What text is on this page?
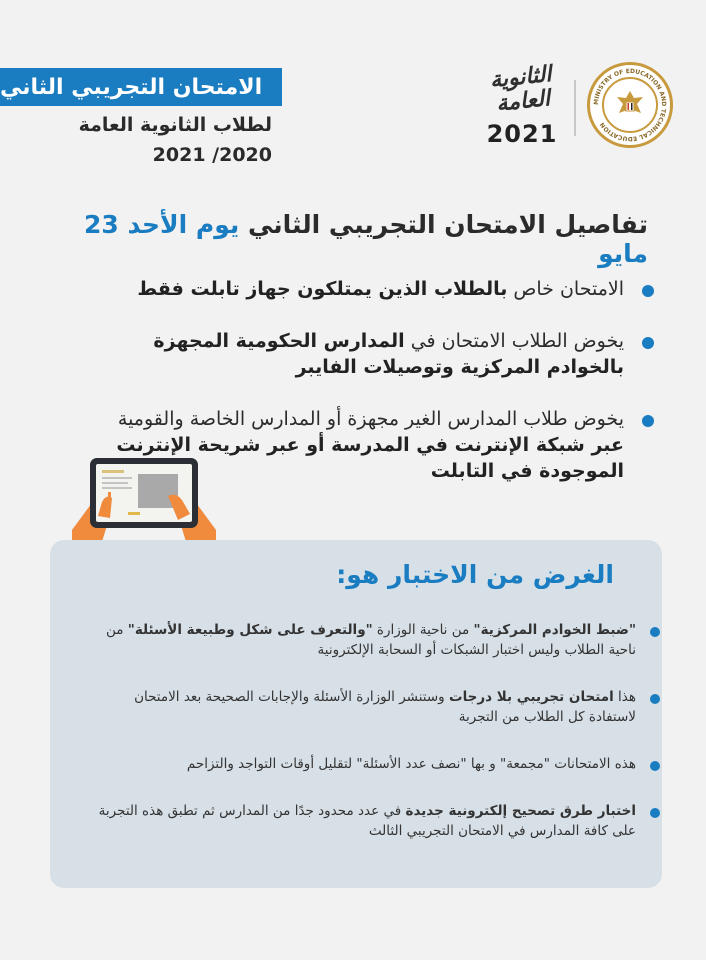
الامتحان التجريبي الثاني
لطلاب الثانوية العامة
2021 /2020
الثانوية العامة
2021
MINISTRY OF EDUCATION AND TECHNICAL EDUCATION
تفاصيل الامتحان التجريبي الثاني يوم الأحد 23 مايو
الامتحان خاص بالطلاب الذين يمتلكون جهاز تابلت فقط
يخوض الطلاب الامتحان في المدارس الحكومية المجهزة بالخوادم المركزية وتوصيلات الفايبر
يخوض طلاب المدارس الغير مجهزة أو المدارس الخاصة والقومية عبر شبكة الإنترنت في المدرسة أو عبر شريحة الإنترنت الموجودة في التابلت
الغرض من الاختبار هو:
"ضبط الخوادم المركزية" من ناحية الوزارة "والتعرف على شكل وطبيعة الأسئلة" من ناحية الطلاب وليس اختبار الشبكات أو السحابة الإلكترونية
هذا امتحان تجريبي بلا درجات وستنشر الوزارة الأسئلة والإجابات الصحيحة بعد الامتحان لاستفادة كل الطلاب من التجربة
هذه الامتحانات "مجمعة" و بها "نصف عدد الأسئلة" لتقليل أوقات التواجد والتزاحم
اختبار طرق تصحيح إلكترونية جديدة في عدد محدود جدًا من المدارس ثم تطبق هذه التجربة على كافة المدارس في الامتحان التجريبي الثالث
